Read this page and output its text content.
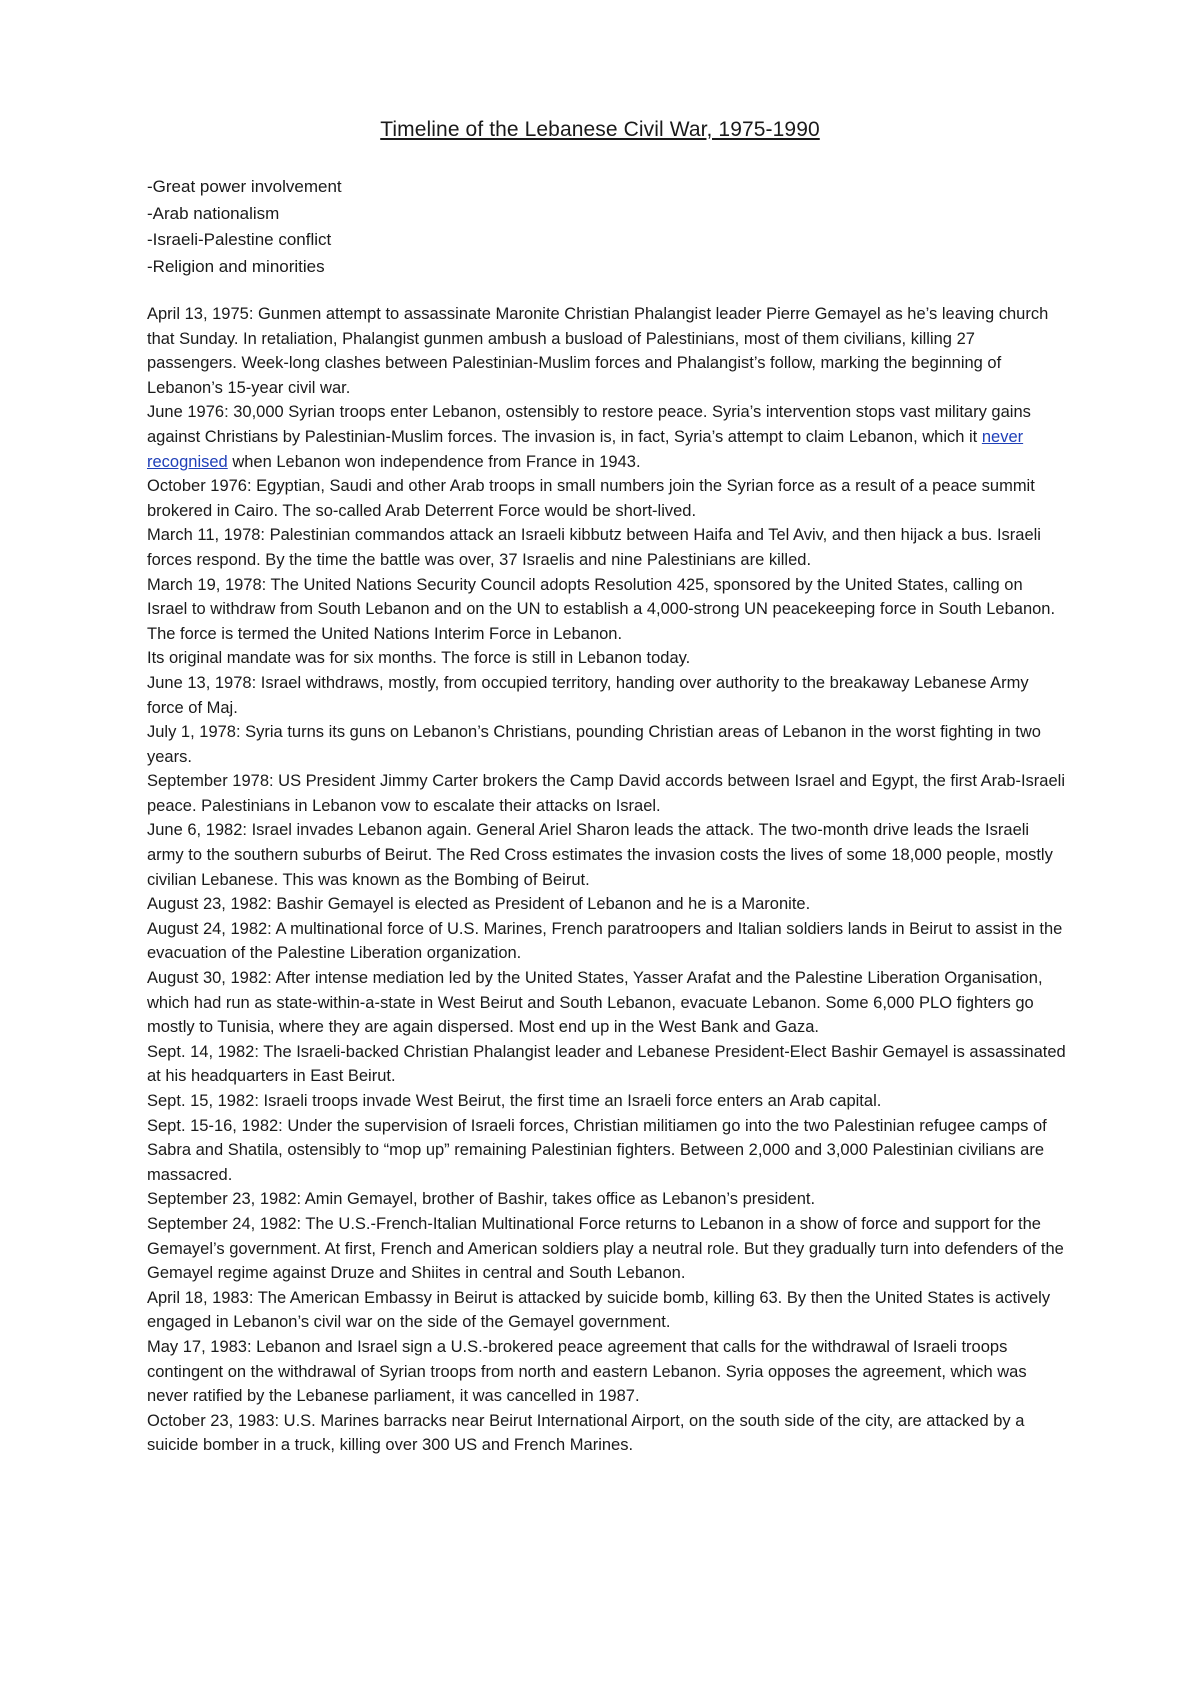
Timeline of the Lebanese Civil War, 1975-1990
-Great power involvement
-Arab nationalism
-Israeli-Palestine conflict
-Religion and minorities

April 13, 1975: Gunmen attempt to assassinate Maronite Christian Phalangist leader Pierre Gemayel as he’s leaving church that Sunday. In retaliation, Phalangist gunmen ambush a busload of Palestinians, most of them civilians, killing 27 passengers. Week-long clashes between Palestinian-Muslim forces and Phalangist’s follow, marking the beginning of Lebanon’s 15-year civil war.

June 1976: 30,000 Syrian troops enter Lebanon, ostensibly to restore peace. Syria’s intervention stops vast military gains against Christians by Palestinian-Muslim forces. The invasion is, in fact, Syria’s attempt to claim Lebanon, which it never recognised when Lebanon won independence from France in 1943.

October 1976: Egyptian, Saudi and other Arab troops in small numbers join the Syrian force as a result of a peace summit brokered in Cairo. The so-called Arab Deterrent Force would be short-lived.

March 11, 1978: Palestinian commandos attack an Israeli kibbutz between Haifa and Tel Aviv, and then hijack a bus. Israeli forces respond. By the time the battle was over, 37 Israelis and nine Palestinians are killed.

March 19, 1978: The United Nations Security Council adopts Resolution 425, sponsored by the United States, calling on Israel to withdraw from South Lebanon and on the UN to establish a 4,000-strong UN peacekeeping force in South Lebanon. The force is termed the United Nations Interim Force in Lebanon.

Its original mandate was for six months. The force is still in Lebanon today.

June 13, 1978: Israel withdraws, mostly, from occupied territory, handing over authority to the breakaway Lebanese Army force of Maj.

July 1, 1978: Syria turns its guns on Lebanon’s Christians, pounding Christian areas of Lebanon in the worst fighting in two years.

September 1978: US President Jimmy Carter brokers the Camp David accords between Israel and Egypt, the first Arab-Israeli peace. Palestinians in Lebanon vow to escalate their attacks on Israel.

June 6, 1982: Israel invades Lebanon again. General Ariel Sharon leads the attack. The two-month drive leads the Israeli army to the southern suburbs of Beirut. The Red Cross estimates the invasion costs the lives of some 18,000 people, mostly civilian Lebanese. This was known as the Bombing of Beirut.

August 23, 1982: Bashir Gemayel is elected as President of Lebanon and he is a Maronite.

August 24, 1982: A multinational force of U.S. Marines, French paratroopers and Italian soldiers lands in Beirut to assist in the evacuation of the Palestine Liberation organization.

August 30, 1982: After intense mediation led by the United States, Yasser Arafat and the Palestine Liberation Organisation, which had run as state-within-a-state in West Beirut and South Lebanon, evacuate Lebanon. Some 6,000 PLO fighters go mostly to Tunisia, where they are again dispersed. Most end up in the West Bank and Gaza.

Sept. 14, 1982: The Israeli-backed Christian Phalangist leader and Lebanese President-Elect Bashir Gemayel is assassinated at his headquarters in East Beirut.

Sept. 15, 1982: Israeli troops invade West Beirut, the first time an Israeli force enters an Arab capital.

Sept. 15-16, 1982: Under the supervision of Israeli forces, Christian militiamen go into the two Palestinian refugee camps of Sabra and Shatila, ostensibly to “mop up” remaining Palestinian fighters. Between 2,000 and 3,000 Palestinian civilians are massacred.

September 23, 1982: Amin Gemayel, brother of Bashir, takes office as Lebanon’s president.

September 24, 1982: The U.S.-French-Italian Multinational Force returns to Lebanon in a show of force and support for the Gemayel’s government. At first, French and American soldiers play a neutral role. But they gradually turn into defenders of the Gemayel regime against Druze and Shiites in central and South Lebanon.

April 18, 1983: The American Embassy in Beirut is attacked by suicide bomb, killing 63. By then the United States is actively engaged in Lebanon’s civil war on the side of the Gemayel government.

May 17, 1983: Lebanon and Israel sign a U.S.-brokered peace agreement that calls for the withdrawal of Israeli troops contingent on the withdrawal of Syrian troops from north and eastern Lebanon. Syria opposes the agreement, which was never ratified by the Lebanese parliament, it was cancelled in 1987.

October 23, 1983: U.S. Marines barracks near Beirut International Airport, on the south side of the city, are attacked by a suicide bomber in a truck, killing over 300 US and French Marines.
